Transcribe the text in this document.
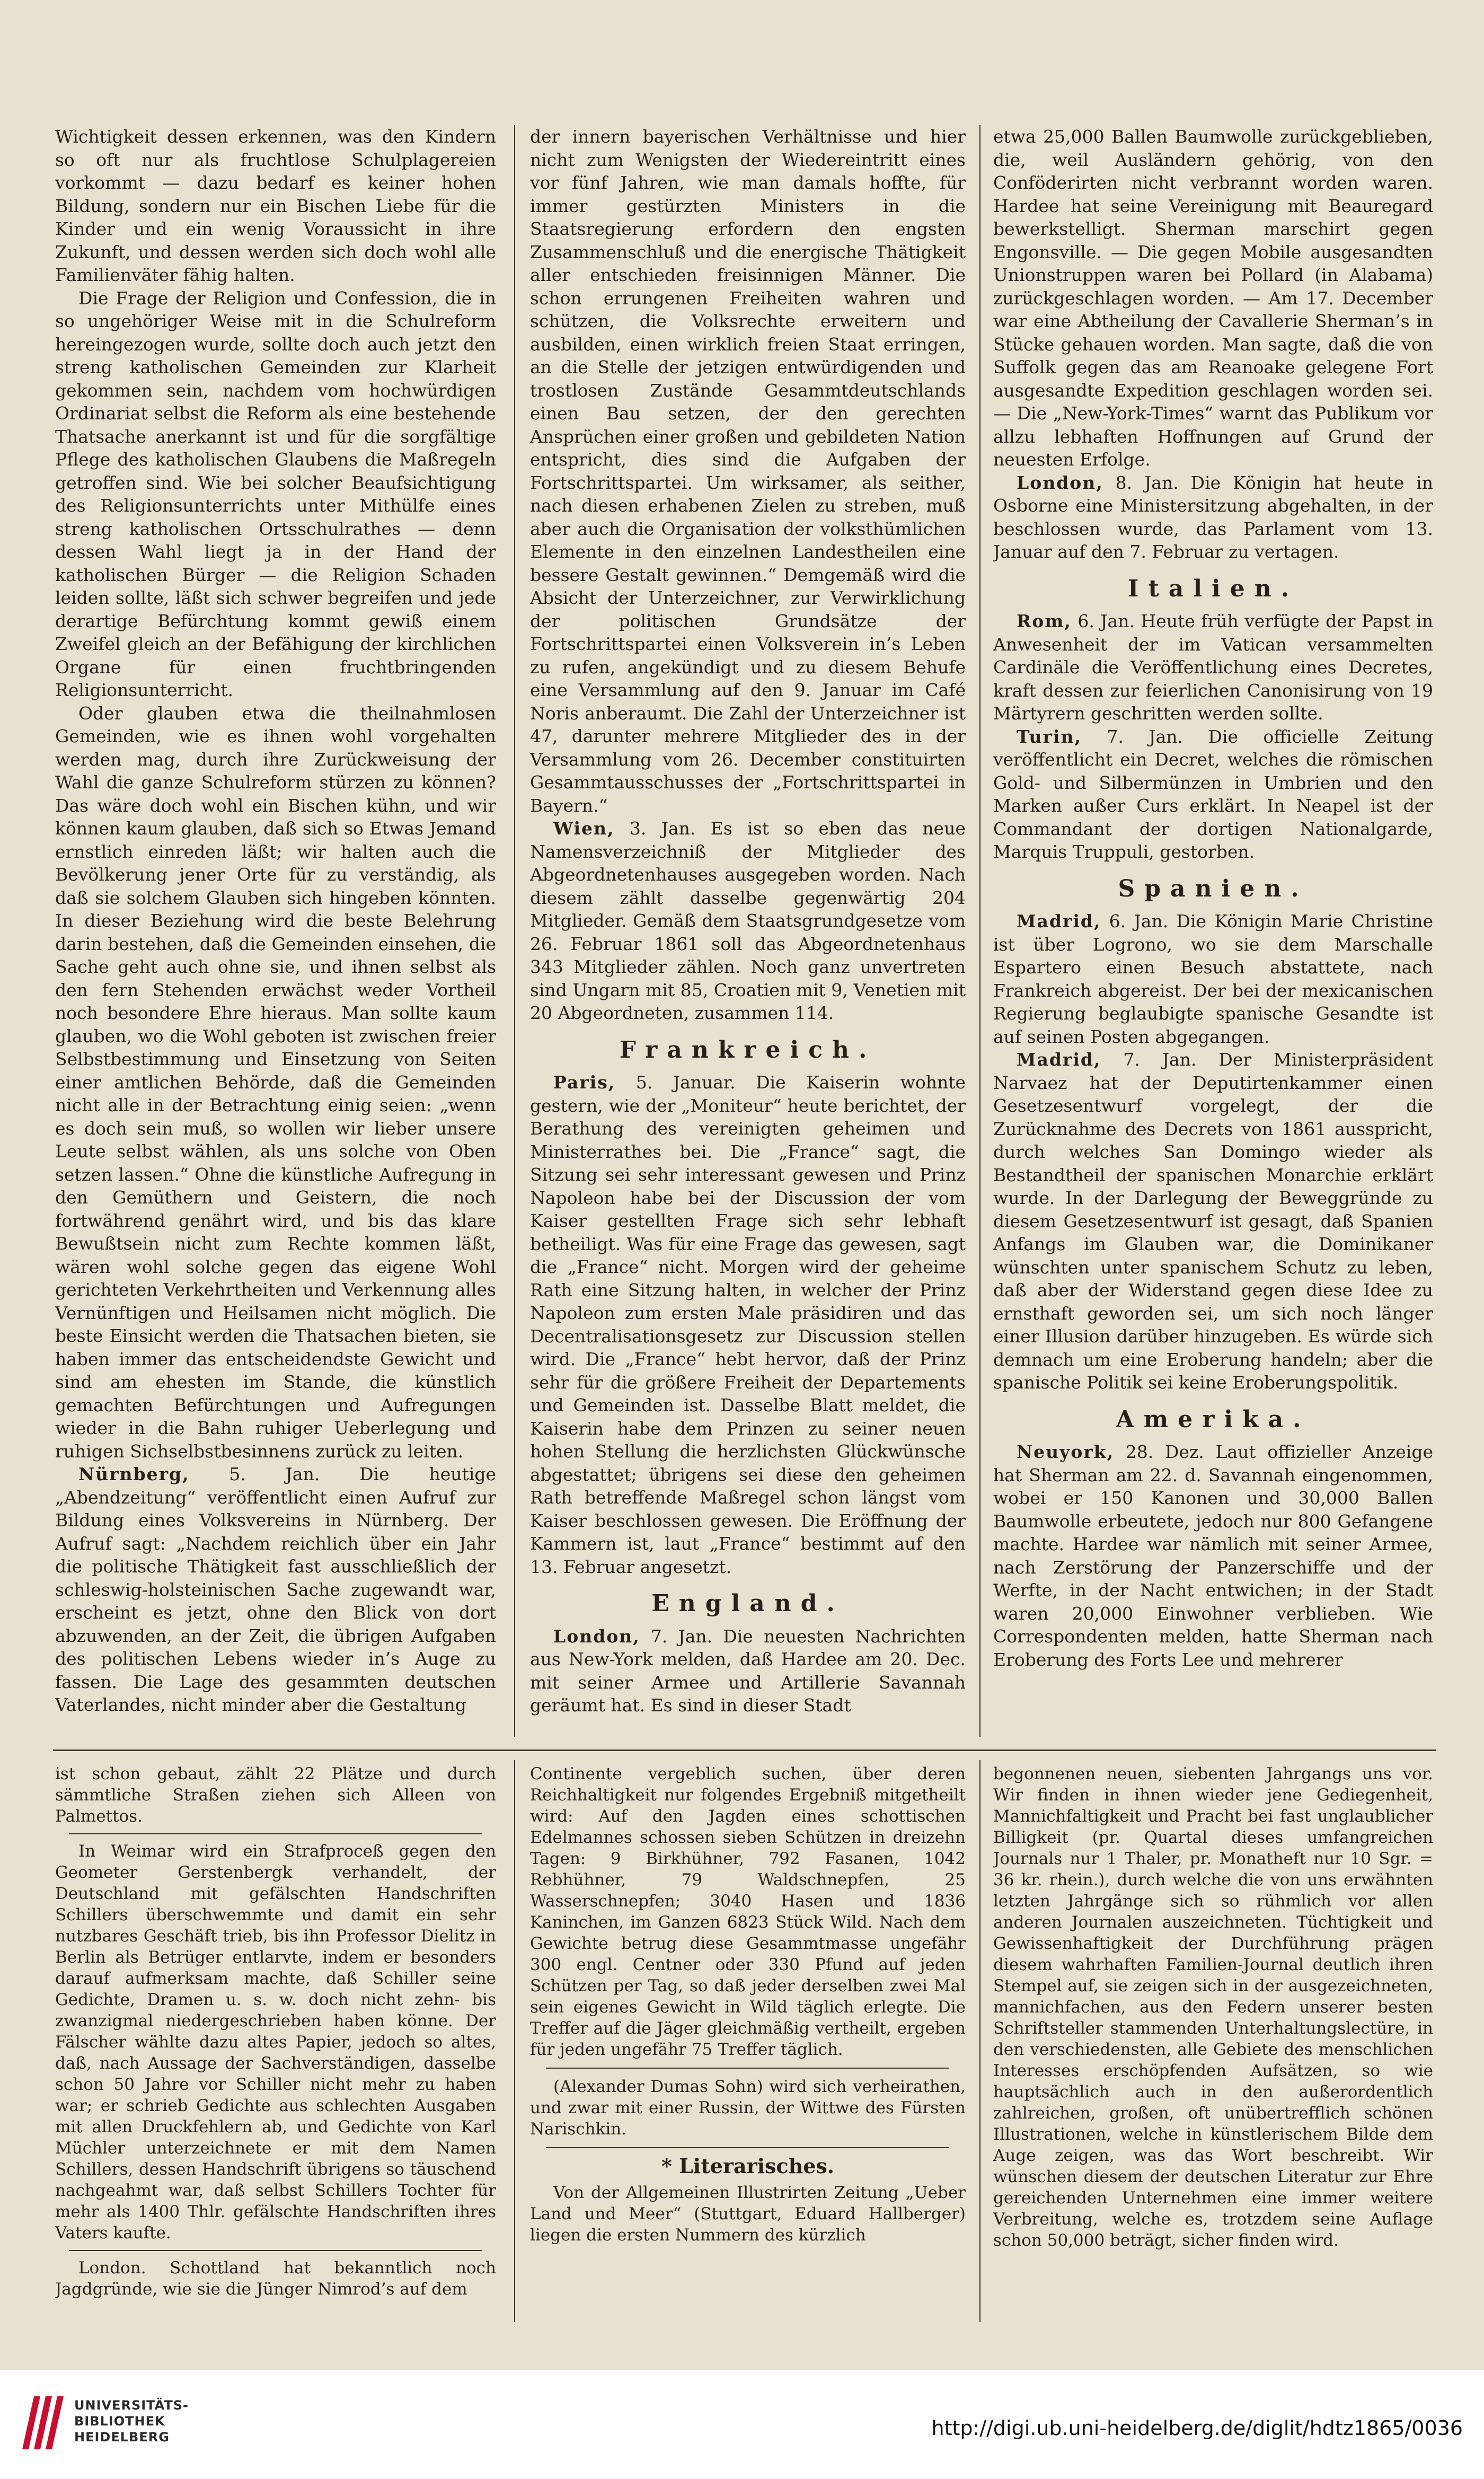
Wichtigkeit dessen erkennen, was den Kindern so oft nur als fruchtlose Schulplagereien vorkommt — dazu bedarf es keiner hohen Bildung, sondern nur ein Bischen Liebe für die Kinder und ein wenig Voraussicht in ihre Zukunft, und dessen werden sich doch wohl alle Familienväter fähig halten.

Die Frage der Religion und Confession, die in so ungehöriger Weise mit in die Schulreform hereingezogen wurde, sollte doch auch jetzt den streng katholischen Gemeinden zur Klarheit gekommen sein, nachdem vom hochwürdigen Ordinariat selbst die Reform als eine bestehende Thatsache anerkannt ist und für die sorgfältige Pflege des katholischen Glaubens die Maßregeln getroffen sind. Wie bei solcher Beaufsichtigung des Religionsunterrichts unter Mithülfe eines streng katholischen Ortsschulrathes — denn dessen Wahl liegt ja in der Hand der katholischen Bürger — die Religion Schaden leiden sollte, läßt sich schwer begreifen und jede derartige Befürchtung kommt gewiß einem Zweifel gleich an der Befähigung der kirchlichen Organe für einen fruchtbringenden Religionsunterricht.

Oder glauben etwa die theilnahmlosen Gemeinden, wie es ihnen wohl vorgehalten werden mag, durch ihre Zurückweisung der Wahl die ganze Schulreform stürzen zu können? Das wäre doch wohl ein Bischen kühn, und wir können kaum glauben, daß sich so Etwas Jemand ernstlich einreden läßt; wir halten auch die Bevölkerung jener Orte für zu verständig, als daß sie solchem Glauben sich hingeben könnten. In dieser Beziehung wird die beste Belehrung darin bestehen, daß die Gemeinden einsehen, die Sache geht auch ohne sie, und ihnen selbst als den fern Stehenden erwächst weder Vortheil noch besondere Ehre hieraus. Man sollte kaum glauben, wo die Wohl geboten ist zwischen freier Selbstbestimmung und Einsetzung von Seiten einer amtlichen Behörde, daß die Gemeinden nicht alle in der Betrachtung einig seien: „wenn es doch sein muß, so wollen wir lieber unsere Leute selbst wählen, als uns solche von Oben setzen lassen.“ Ohne die künstliche Aufregung in den Gemüthern und Geistern, die noch fortwährend genährt wird, und bis das klare Bewußtsein nicht zum Rechte kommen läßt, wären wohl solche gegen das eigene Wohl gerichteten Verkehrtheiten und Verkennung alles Vernünftigen und Heilsamen nicht möglich. Die beste Einsicht werden die Thatsachen bieten, sie haben immer das entscheidendste Gewicht und sind am ehesten im Stande, die künstlich gemachten Befürchtungen und Aufregungen wieder in die Bahn ruhiger Ueberlegung und ruhigen Sichselbstbesinnens zurück zu leiten.

Nürnberg, 5. Jan. Die heutige „Abendzeitung“ veröffentlicht einen Aufruf zur Bildung eines Volksvereins in Nürnberg. Der Aufruf sagt: „Nachdem reichlich über ein Jahr die politische Thätigkeit fast ausschließlich der schleswig-holsteinischen Sache zugewandt war, erscheint es jetzt, ohne den Blick von dort abzuwenden, an der Zeit, die übrigen Aufgaben des politischen Lebens wieder in’s Auge zu fassen. Die Lage des gesammten deutschen Vaterlandes, nicht minder aber die Gestaltung

der innern bayerischen Verhältnisse und hier nicht zum Wenigsten der Wiedereintritt eines vor fünf Jahren, wie man damals hoffte, für immer gestürzten Ministers in die Staatsregierung erfordern den engsten Zusammenschluß und die energische Thätigkeit aller entschieden freisinnigen Männer. Die schon errungenen Freiheiten wahren und schützen, die Volksrechte erweitern und ausbilden, einen wirklich freien Staat erringen, an die Stelle der jetzigen entwürdigenden und trostlosen Zustände Gesammtdeutschlands einen Bau setzen, der den gerechten Ansprüchen einer großen und gebildeten Nation entspricht, dies sind die Aufgaben der Fortschrittspartei. Um wirksamer, als seither, nach diesen erhabenen Zielen zu streben, muß aber auch die Organisation der volksthümlichen Elemente in den einzelnen Landestheilen eine bessere Gestalt gewinnen.“ Demgemäß wird die Absicht der Unterzeichner, zur Verwirklichung der politischen Grundsätze der Fortschrittspartei einen Volksverein in’s Leben zu rufen, angekündigt und zu diesem Behufe eine Versammlung auf den 9. Januar im Café Noris anberaumt. Die Zahl der Unterzeichner ist 47, darunter mehrere Mitglieder des in der Versammlung vom 26. December constituirten Gesammtausschusses der „Fortschrittspartei in Bayern.“

Wien, 3. Jan. Es ist so eben das neue Namensverzeichniß der Mitglieder des Abgeordnetenhauses ausgegeben worden. Nach diesem zählt dasselbe gegenwärtig 204 Mitglieder. Gemäß dem Staatsgrundgesetze vom 26. Februar 1861 soll das Abgeordnetenhaus 343 Mitglieder zählen. Noch ganz unvertreten sind Ungarn mit 85, Croatien mit 9, Venetien mit 20 Abgeordneten, zusammen 114.

Frankreich.

Paris, 5. Januar. Die Kaiserin wohnte gestern, wie der „Moniteur“ heute berichtet, der Berathung des vereinigten geheimen und Ministerrathes bei. Die „France“ sagt, die Sitzung sei sehr interessant gewesen und Prinz Napoleon habe bei der Discussion der vom Kaiser gestellten Frage sich sehr lebhaft betheiligt. Was für eine Frage das gewesen, sagt die „France“ nicht. Morgen wird der geheime Rath eine Sitzung halten, in welcher der Prinz Napoleon zum ersten Male präsidiren und das Decentralisationsgesetz zur Discussion stellen wird. Die „France“ hebt hervor, daß der Prinz sehr für die größere Freiheit der Departements und Gemeinden ist. Dasselbe Blatt meldet, die Kaiserin habe dem Prinzen zu seiner neuen hohen Stellung die herzlichsten Glückwünsche abgestattet; übrigens sei diese den geheimen Rath betreffende Maßregel schon längst vom Kaiser beschlossen gewesen. Die Eröffnung der Kammern ist, laut „France“ bestimmt auf den 13. Februar angesetzt.

England.

London, 7. Jan. Die neuesten Nachrichten aus New-York melden, daß Hardee am 20. Dec. mit seiner Armee und Artillerie Savannah geräumt hat. Es sind in dieser Stadt

etwa 25,000 Ballen Baumwolle zurückgeblieben, die, weil Ausländern gehörig, von den Conföderirten nicht verbrannt worden waren. Hardee hat seine Vereinigung mit Beauregard bewerkstelligt. Sherman marschirt gegen Engonsville. — Die gegen Mobile ausgesandten Unionstruppen waren bei Pollard (in Alabama) zurückgeschlagen worden. — Am 17. December war eine Abtheilung der Cavallerie Sherman’s in Stücke gehauen worden. Man sagte, daß die von Suffolk gegen das am Reanoake gelegene Fort ausgesandte Expedition geschlagen worden sei. — Die „New-York-Times“ warnt das Publikum vor allzu lebhaften Hoffnungen auf Grund der neuesten Erfolge.

London, 8. Jan. Die Königin hat heute in Osborne eine Ministersitzung abgehalten, in der beschlossen wurde, das Parlament vom 13. Januar auf den 7. Februar zu vertagen.

Italien.

Rom, 6. Jan. Heute früh verfügte der Papst in Anwesenheit der im Vatican versammelten Cardinäle die Veröffentlichung eines Decretes, kraft dessen zur feierlichen Canonisirung von 19 Märtyrern geschritten werden sollte.

Turin, 7. Jan. Die officielle Zeitung veröffentlicht ein Decret, welches die römischen Gold- und Silbermünzen in Umbrien und den Marken außer Curs erklärt. In Neapel ist der Commandant der dortigen Nationalgarde, Marquis Truppuli, gestorben.

Spanien.

Madrid, 6. Jan. Die Königin Marie Christine ist über Logrono, wo sie dem Marschalle Espartero einen Besuch abstattete, nach Frankreich abgereist. Der bei der mexicanischen Regierung beglaubigte spanische Gesandte ist auf seinen Posten abgegangen.

Madrid, 7. Jan. Der Ministerpräsident Narvaez hat der Deputirtenkammer einen Gesetzesentwurf vorgelegt, der die Zurücknahme des Decrets von 1861 ausspricht, durch welches San Domingo wieder als Bestandtheil der spanischen Monarchie erklärt wurde. In der Darlegung der Beweggründe zu diesem Gesetzesentwurf ist gesagt, daß Spanien Anfangs im Glauben war, die Dominikaner wünschten unter spanischem Schutz zu leben, daß aber der Widerstand gegen diese Idee zu ernsthaft geworden sei, um sich noch länger einer Illusion darüber hinzugeben. Es würde sich demnach um eine Eroberung handeln; aber die spanische Politik sei keine Eroberungspolitik.

Amerika.

Neuyork, 28. Dez. Laut offizieller Anzeige hat Sherman am 22. d. Savannah eingenommen, wobei er 150 Kanonen und 30,000 Ballen Baumwolle erbeutete, jedoch nur 800 Gefangene machte. Hardee war nämlich mit seiner Armee, nach Zerstörung der Panzerschiffe und der Werfte, in der Nacht entwichen; in der Stadt waren 20,000 Einwohner verblieben. Wie Correspondenten melden, hatte Sherman nach Eroberung des Forts Lee und mehrerer

ist schon gebaut, zählt 22 Plätze und durch sämmtliche Straßen ziehen sich Alleen von Palmettos.

In Weimar wird ein Strafproceß gegen den Geometer Gerstenbergk verhandelt, der Deutschland mit gefälschten Handschriften Schillers überschwemmte und damit ein sehr nutzbares Geschäft trieb, bis ihn Professor Dielitz in Berlin als Betrüger entlarvte, indem er besonders darauf aufmerksam machte, daß Schiller seine Gedichte, Dramen u. s. w. doch nicht zehn- bis zwanzigmal niedergeschrieben haben könne. Der Fälscher wählte dazu altes Papier, jedoch so altes, daß, nach Aussage der Sachverständigen, dasselbe schon 50 Jahre vor Schiller nicht mehr zu haben war; er schrieb Gedichte aus schlechten Ausgaben mit allen Druckfehlern ab, und Gedichte von Karl Müchler unterzeichnete er mit dem Namen Schillers, dessen Handschrift übrigens so täuschend nachgeahmt war, daß selbst Schillers Tochter für mehr als 1400 Thlr. gefälschte Handschriften ihres Vaters kaufte.

London. Schottland hat bekanntlich noch Jagdgründe, wie sie die Jünger Nimrod’s auf dem

Continente vergeblich suchen, über deren Reichhaltigkeit nur folgendes Ergebniß mitgetheilt wird: Auf den Jagden eines schottischen Edelmannes schossen sieben Schützen in dreizehn Tagen: 9 Birkhühner, 792 Fasanen, 1042 Rebhühner, 79 Waldschnepfen, 25 Wasserschnepfen; 3040 Hasen und 1836 Kaninchen, im Ganzen 6823 Stück Wild. Nach dem Gewichte betrug diese Gesammtmasse ungefähr 300 engl. Centner oder 330 Pfund auf jeden Schützen per Tag, so daß jeder derselben zwei Mal sein eigenes Gewicht in Wild täglich erlegte. Die Treffer auf die Jäger gleichmäßig vertheilt, ergeben für jeden ungefähr 75 Treffer täglich.

(Alexander Dumas Sohn) wird sich verheirathen, und zwar mit einer Russin, der Wittwe des Fürsten Narischkin.

* Literarisches.

Von der Allgemeinen Illustrirten Zeitung „Ueber Land und Meer“ (Stuttgart, Eduard Hallberger) liegen die ersten Nummern des kürzlich

begonnenen neuen, siebenten Jahrgangs uns vor. Wir finden in ihnen wieder jene Gediegenheit, Mannichfaltigkeit und Pracht bei fast unglaublicher Billigkeit (pr. Quartal dieses umfangreichen Journals nur 1 Thaler, pr. Monatheft nur 10 Sgr. = 36 kr. rhein.), durch welche die von uns erwähnten letzten Jahrgänge sich so rühmlich vor allen anderen Journalen auszeichneten. Tüchtigkeit und Gewissenhaftigkeit der Durchführung prägen diesem wahrhaften Familien-Journal deutlich ihren Stempel auf, sie zeigen sich in der ausgezeichneten, mannichfachen, aus den Federn unserer besten Schriftsteller stammenden Unterhaltungslectüre, in den verschiedensten, alle Gebiete des menschlichen Interesses erschöpfenden Aufsätzen, so wie hauptsächlich auch in den außerordentlich zahlreichen, großen, oft unübertrefflich schönen Illustrationen, welche in künstlerischem Bilde dem Auge zeigen, was das Wort beschreibt. Wir wünschen diesem der deutschen Literatur zur Ehre gereichenden Unternehmen eine immer weitere Verbreitung, welche es, trotzdem seine Auflage schon 50,000 beträgt, sicher finden wird.

UNIVERSITÄTS-
BIBLIOTHEK
HEIDELBERG	http://digi.ub.uni-heidelberg.de/diglit/hdtz1865/0036
